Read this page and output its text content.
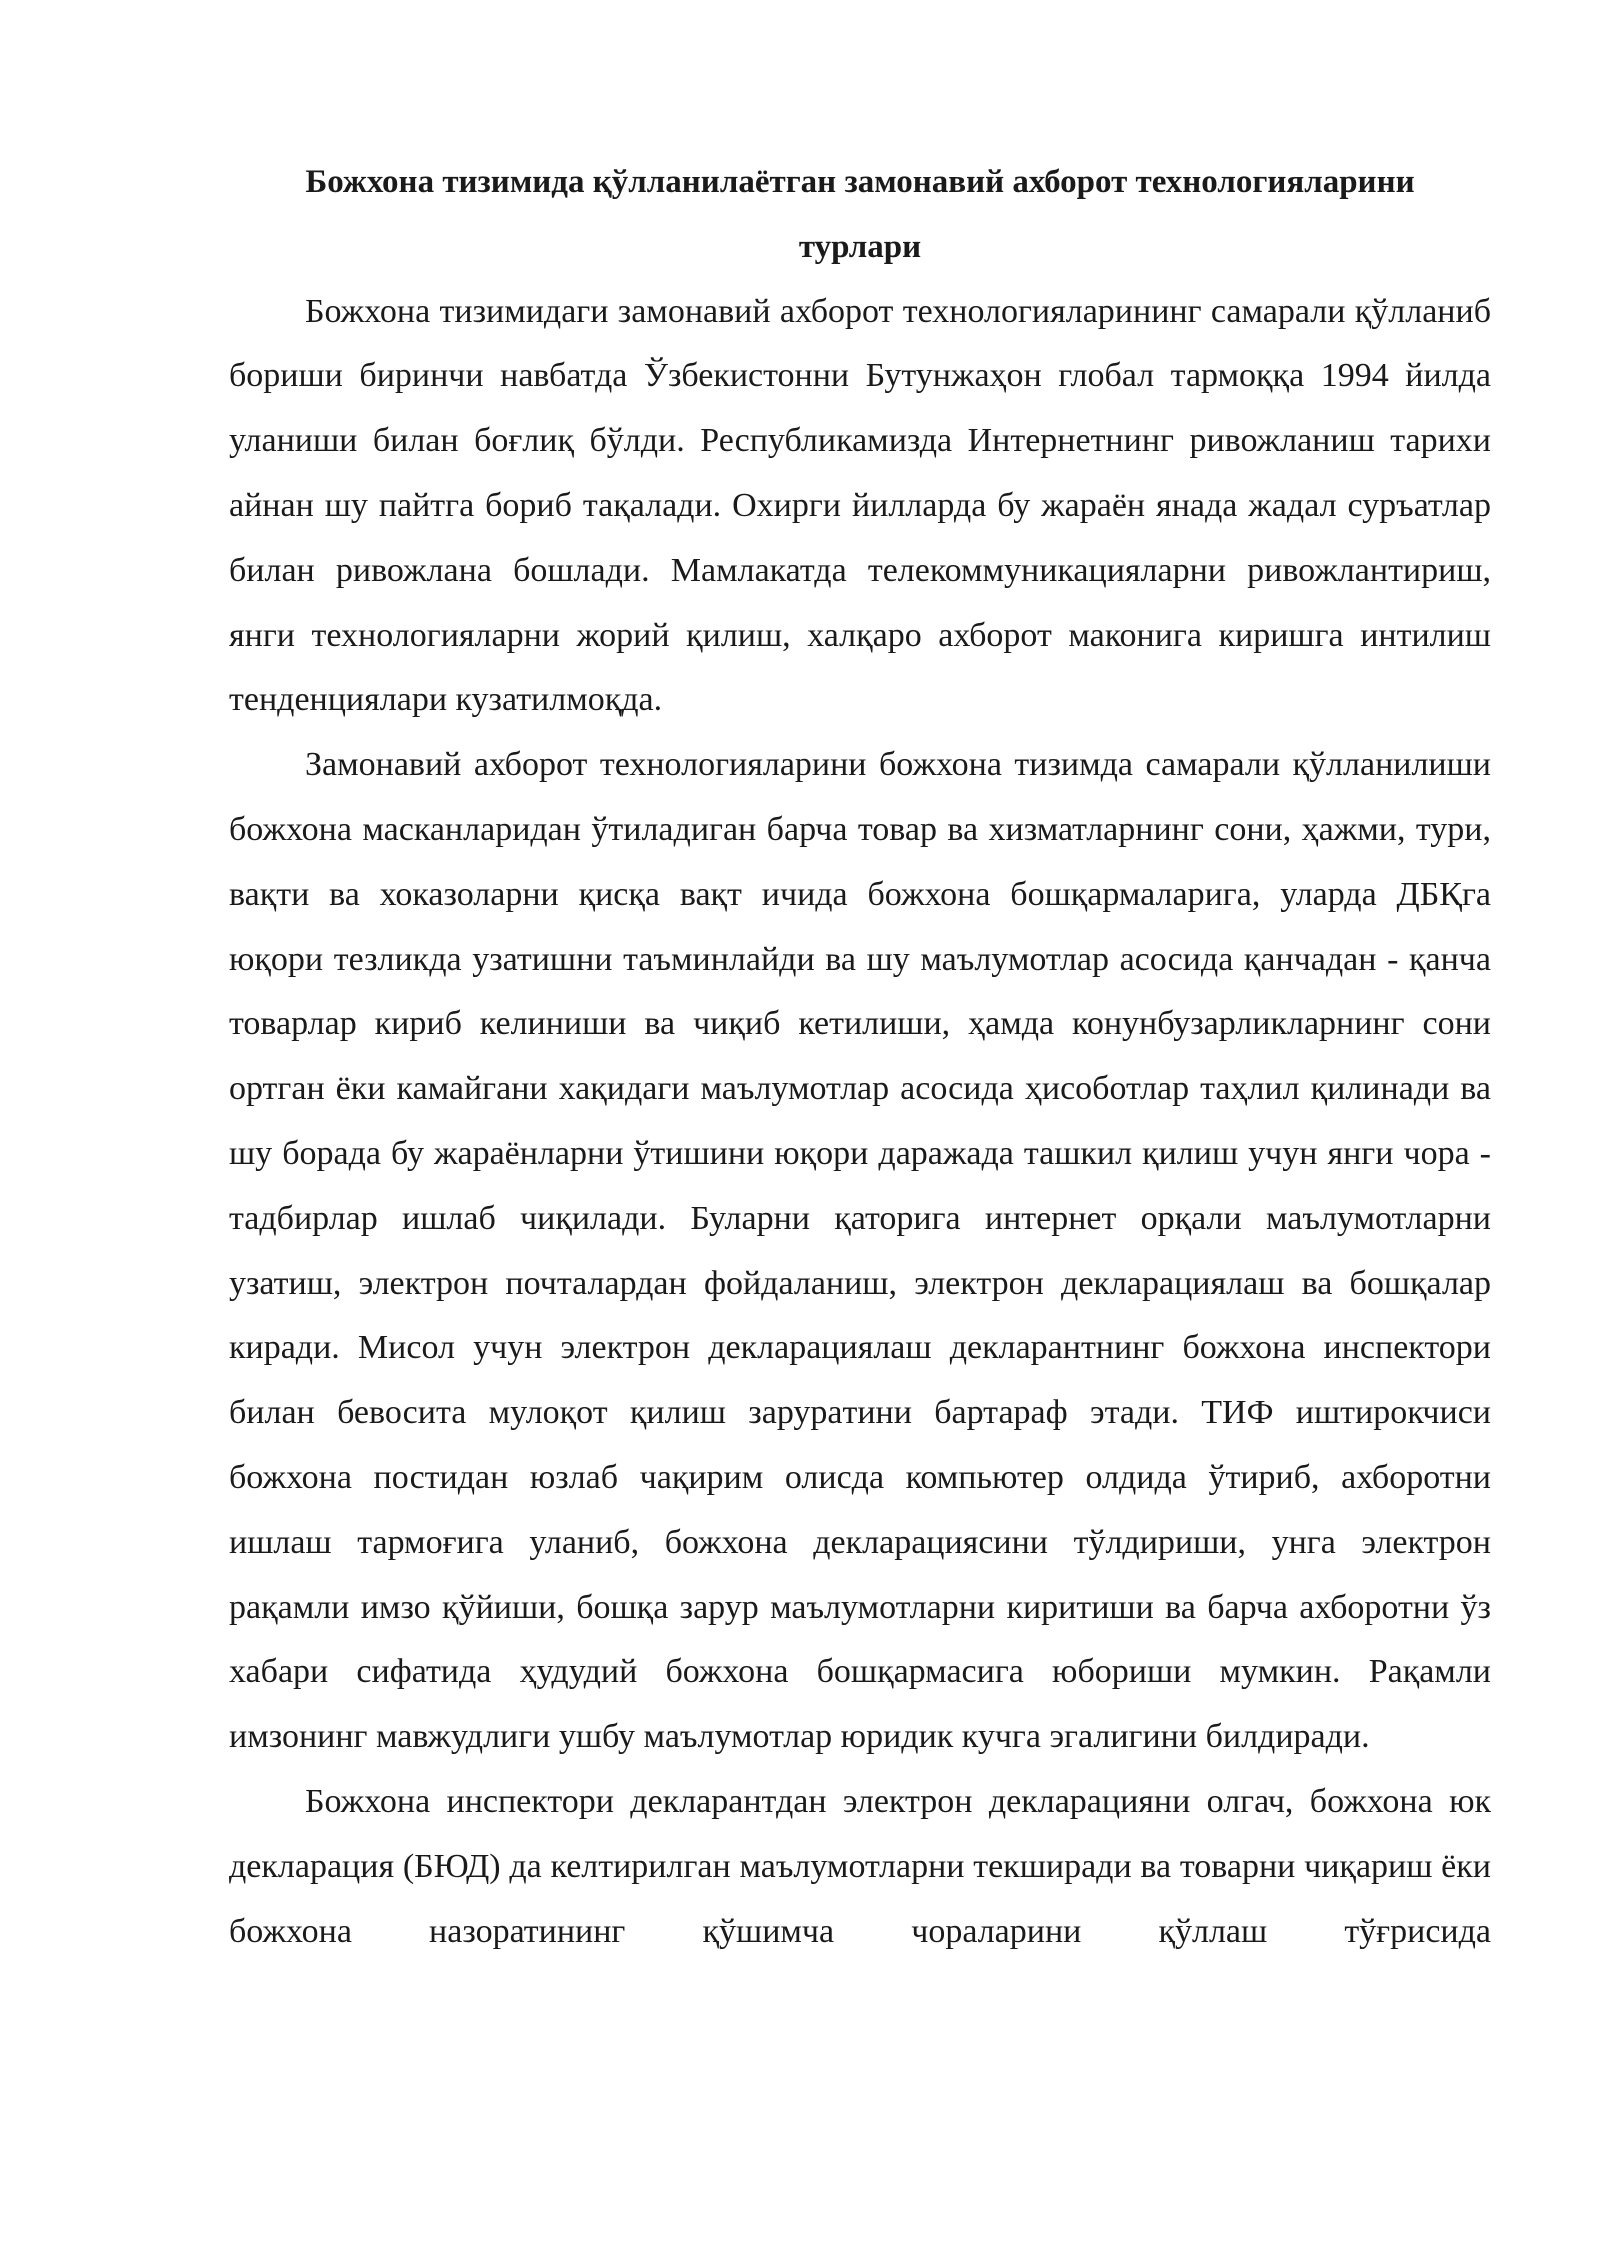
Божхона тизимида қўлланилаётган замонавий ахборот технологияларини
турлари

Божхона тизимидаги замонавий ахборот технологияларининг самарали қўлланиб бориши биринчи навбатда Ўзбекистонни Бутунжаҳон глобал тармоққа 1994 йилда уланиши билан боғлиқ бўлди. Республикамизда Интернетнинг ривожланиш тарихи айнан шу пайтга бориб тақалади. Охирги йилларда бу жараён янада жадал суръатлар билан ривожлана бошлади. Мамлакатда телекоммуникацияларни ривожлантириш, янги технологияларни жорий қилиш, халқаро ахборот маконига киришга интилиш тенденциялари кузатилмоқда.

Замонавий ахборот технологияларини божхона тизимда самарали қўлланилиши божхона масканларидан ўтиладиган барча товар ва хизматларнинг сони, ҳажми, тури, вақти ва хоказоларни қисқа вақт ичида божхона бошқармаларига, уларда ДБҚга юқори тезликда узатишни таъминлайди ва шу маълумотлар асосида қанчадан - қанча товарлар кириб келиниши ва чиқиб кетилиши, ҳамда конунбузарликларнинг сони ортган ёки камайгани хақидаги маълумотлар асосида ҳисоботлар таҳлил қилинади ва шу борада бу жараёнларни ўтишини юқори даражада ташкил қилиш учун янги чора - тадбирлар ишлаб чиқилади. Буларни қаторига интернет орқали маълумотларни узатиш, электрон почталардан фойдаланиш, электрон декларациялаш ва бошқалар киради. Мисол учун электрон декларациялаш декларантнинг божхона инспектори билан бевосита мулоқот қилиш зарурaтини бартараф этади. ТИФ иштирокчиси божхона постидан юзлаб чақирим олисда компьютер олдида ўтириб, ахборотни ишлаш тармоғига уланиб, божхона декларациясини тўлдириши, унга электрон рақамли имзо қўйиши, бошқа зарур маълумотларни киритиши ва барча ахборотни ўз хабари сифатида ҳудудий божхона бошқармасига юбориши мумкин. Рақамли имзонинг мавжудлиги ушбу маълумотлар юридик кучга эгалигини билдиради.

Божхона инспектори декларантдан электрон декларацияни олгач, божхона юк декларация (БЮД) да келтирилган маълумотларни текширади ва товарни чиқариш ёки божхона назоратининг қўшимча чораларини қўллаш тўғрисида
